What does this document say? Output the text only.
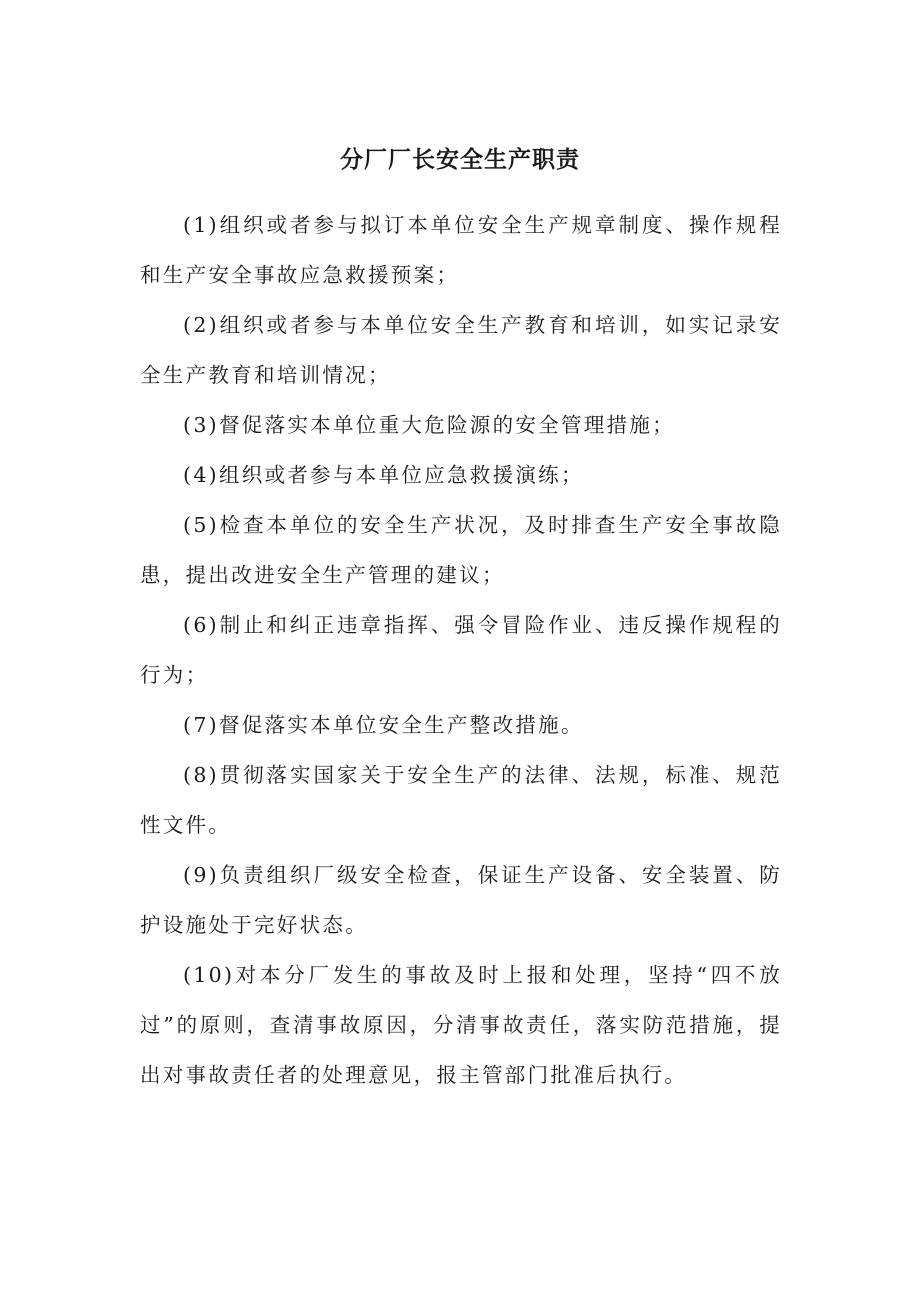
分厂厂长安全生产职责

(1)组织或者参与拟订本单位安全生产规章制度、操作规程和生产安全事故应急救援预案；

(2)组织或者参与本单位安全生产教育和培训，如实记录安全生产教育和培训情况；

(3)督促落实本单位重大危险源的安全管理措施；

(4)组织或者参与本单位应急救援演练；

(5)检查本单位的安全生产状况，及时排查生产安全事故隐患，提出改进安全生产管理的建议；

(6)制止和纠正违章指挥、强令冒险作业、违反操作规程的行为；

(7)督促落实本单位安全生产整改措施。

(8)贯彻落实国家关于安全生产的法律、法规，标准、规范性文件。

(9)负责组织厂级安全检查，保证生产设备、安全装置、防护设施处于完好状态。

(10)对本分厂发生的事故及时上报和处理，坚持“四不放过”的原则，查清事故原因，分清事故责任，落实防范措施，提出对事故责任者的处理意见，报主管部门批准后执行。
